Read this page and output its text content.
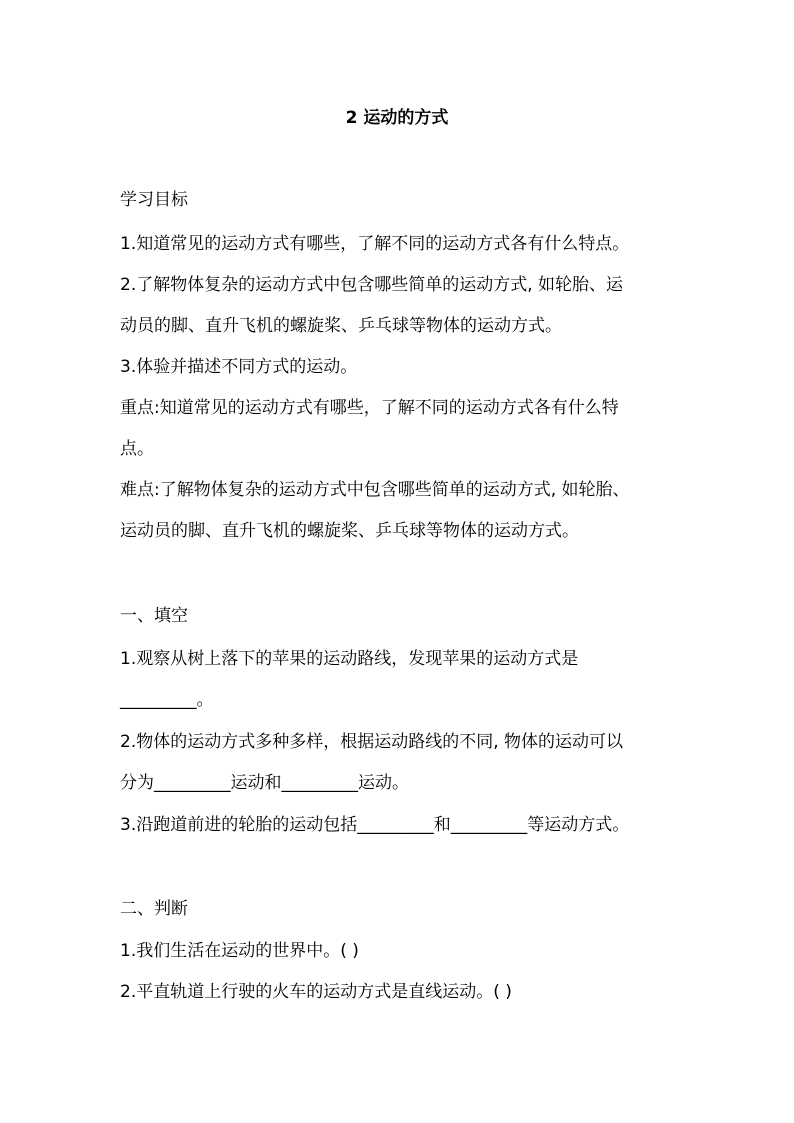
2 运动的方式
学习目标
1.知道常见的运动方式有哪些，了解不同的运动方式各有什么特点。
2.了解物体复杂的运动方式中包含哪些简单的运动方式, 如轮胎、运
动员的脚、直升飞机的螺旋桨、乒乓球等物体的运动方式。
3.体验并描述不同方式的运动。
重点:知道常见的运动方式有哪些，了解不同的运动方式各有什么特
点。
难点:了解物体复杂的运动方式中包含哪些简单的运动方式, 如轮胎、
运动员的脚、直升飞机的螺旋桨、乒乓球等物体的运动方式。
一、填空
1.观察从树上落下的苹果的运动路线，发现苹果的运动方式是
_________。
2.物体的运动方式多种多样，根据运动路线的不同, 物体的运动可以
分为_________运动和_________运动。
3.沿跑道前进的轮胎的运动包括_________和_________等运动方式。
二、判断
1.我们生活在运动的世界中。( )
2.平直轨道上行驶的火车的运动方式是直线运动。( )
